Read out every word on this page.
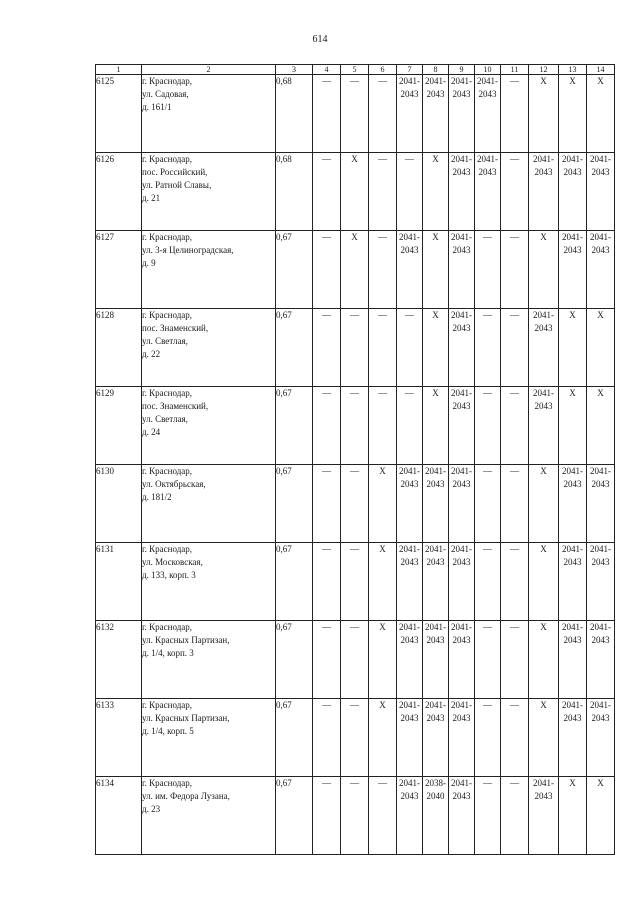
614
1	2	3	4	5	6	7	8	9	10	11	12	13	14
6125	г. Краснодар,
ул. Садовая,
д. 161/1	0,68	—	—	—	2041-
2043	2041-
2043	2041-
2043	2041-
2043	—	X	X	X
6126	г. Краснодар,
пос. Российский,
ул. Ратной Славы,
д. 21	0,68	—	X	—	—	X	2041-
2043	2041-
2043	—	2041-
2043	2041-
2043	2041-
2043
6127	г. Краснодар,
ул. 3-я Целиноградская,
д. 9	0,67	—	X	—	2041-
2043	X	2041-
2043	—	—	X	2041-
2043	2041-
2043
6128	г. Краснодар,
пос. Знаменский,
ул. Светлая,
д. 22	0,67	—	—	—	—	X	2041-
2043	—	—	2041-
2043	X	X
6129	г. Краснодар,
пос. Знаменский,
ул. Светлая,
д. 24	0,67	—	—	—	—	X	2041-
2043	—	—	2041-
2043	X	X
6130	г. Краснодар,
ул. Октябрьская,
д. 181/2	0,67	—	—	X	2041-
2043	2041-
2043	2041-
2043	—	—	X	2041-
2043	2041-
2043
6131	г. Краснодар,
ул. Московская,
д. 133, корп. 3	0,67	—	—	X	2041-
2043	2041-
2043	2041-
2043	—	—	X	2041-
2043	2041-
2043
6132	г. Краснодар,
ул. Красных Партизан,
д. 1/4, корп. 3	0,67	—	—	X	2041-
2043	2041-
2043	2041-
2043	—	—	X	2041-
2043	2041-
2043
6133	г. Краснодар,
ул. Красных Партизан,
д. 1/4, корп. 5	0,67	—	—	X	2041-
2043	2041-
2043	2041-
2043	—	—	X	2041-
2043	2041-
2043
6134	г. Краснодар,
ул. им. Федора Лузана,
д. 23	0,67	—	—	—	2041-
2043	2038-
2040	2041-
2043	—	—	2041-
2043	X	X
